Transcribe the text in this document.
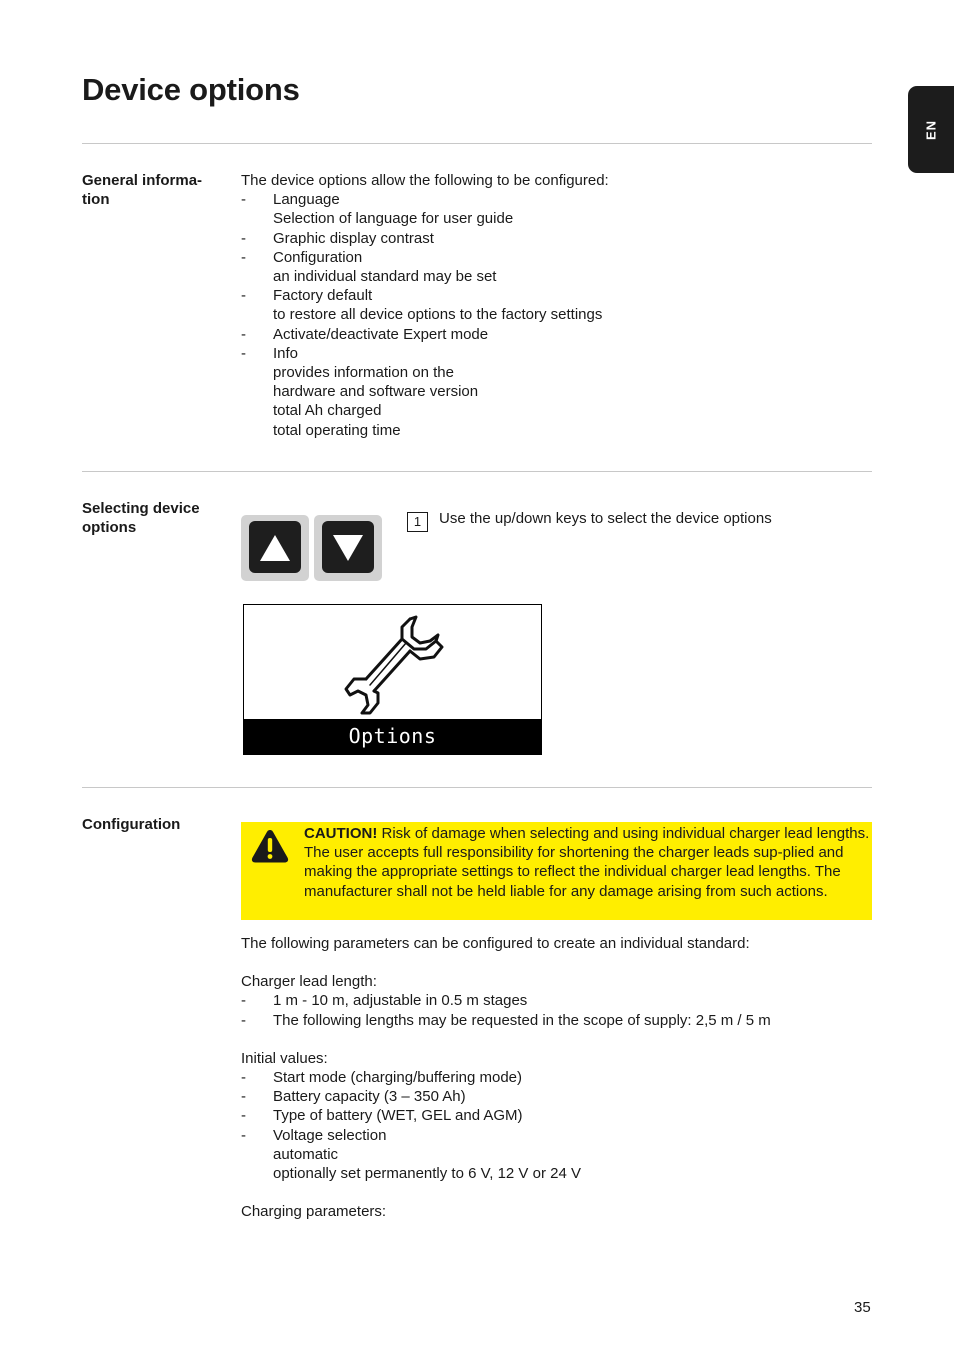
Device options
EN
General informa-
tion
The device options allow the following to be configured:
- Language
Selection of language for user guide
- Graphic display contrast
- Configuration
an individual standard may be set
- Factory default
to restore all device options to the factory settings
- Activate/deactivate Expert mode
- Info
provides information on the
hardware and software version
total Ah charged
total operating time
Selecting device options	1	Use the up/down keys to select the device options
Options
Configuration
CAUTION! Risk of damage when selecting and using individual charger lead lengths. The user accepts full responsibility for shortening the charger leads sup-plied and making the appropriate settings to reflect the individual charger lead lengths. The manufacturer shall not be held liable for any damage arising from such actions.
The following parameters can be configured to create an individual standard:
Charger lead length:
- 1 m - 10 m, adjustable in 0.5 m stages
- The following lengths may be requested in the scope of supply: 2,5 m / 5 m
Initial values:
- Start mode (charging/buffering mode)
- Battery capacity (3 – 350 Ah)
- Type of battery (WET, GEL and AGM)
- Voltage selection
automatic
optionally set permanently to 6 V, 12 V or 24 V
Charging parameters:
35
